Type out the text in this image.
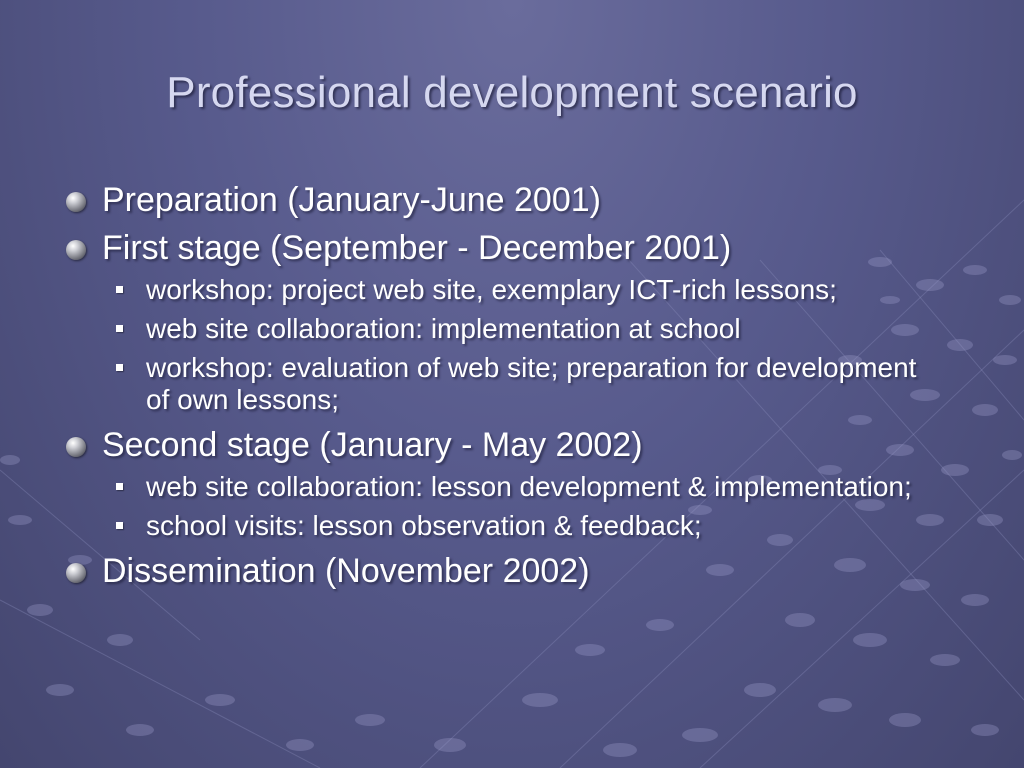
Professional development scenario
Preparation (January-June 2001)
First stage (September - December 2001)
workshop: project web site, exemplary ICT-rich lessons;
web site collaboration: implementation at school
workshop: evaluation of web site; preparation for development of own lessons;
Second stage (January - May 2002)
web site collaboration: lesson development & implementation;
school visits: lesson observation & feedback;
Dissemination (November 2002)
